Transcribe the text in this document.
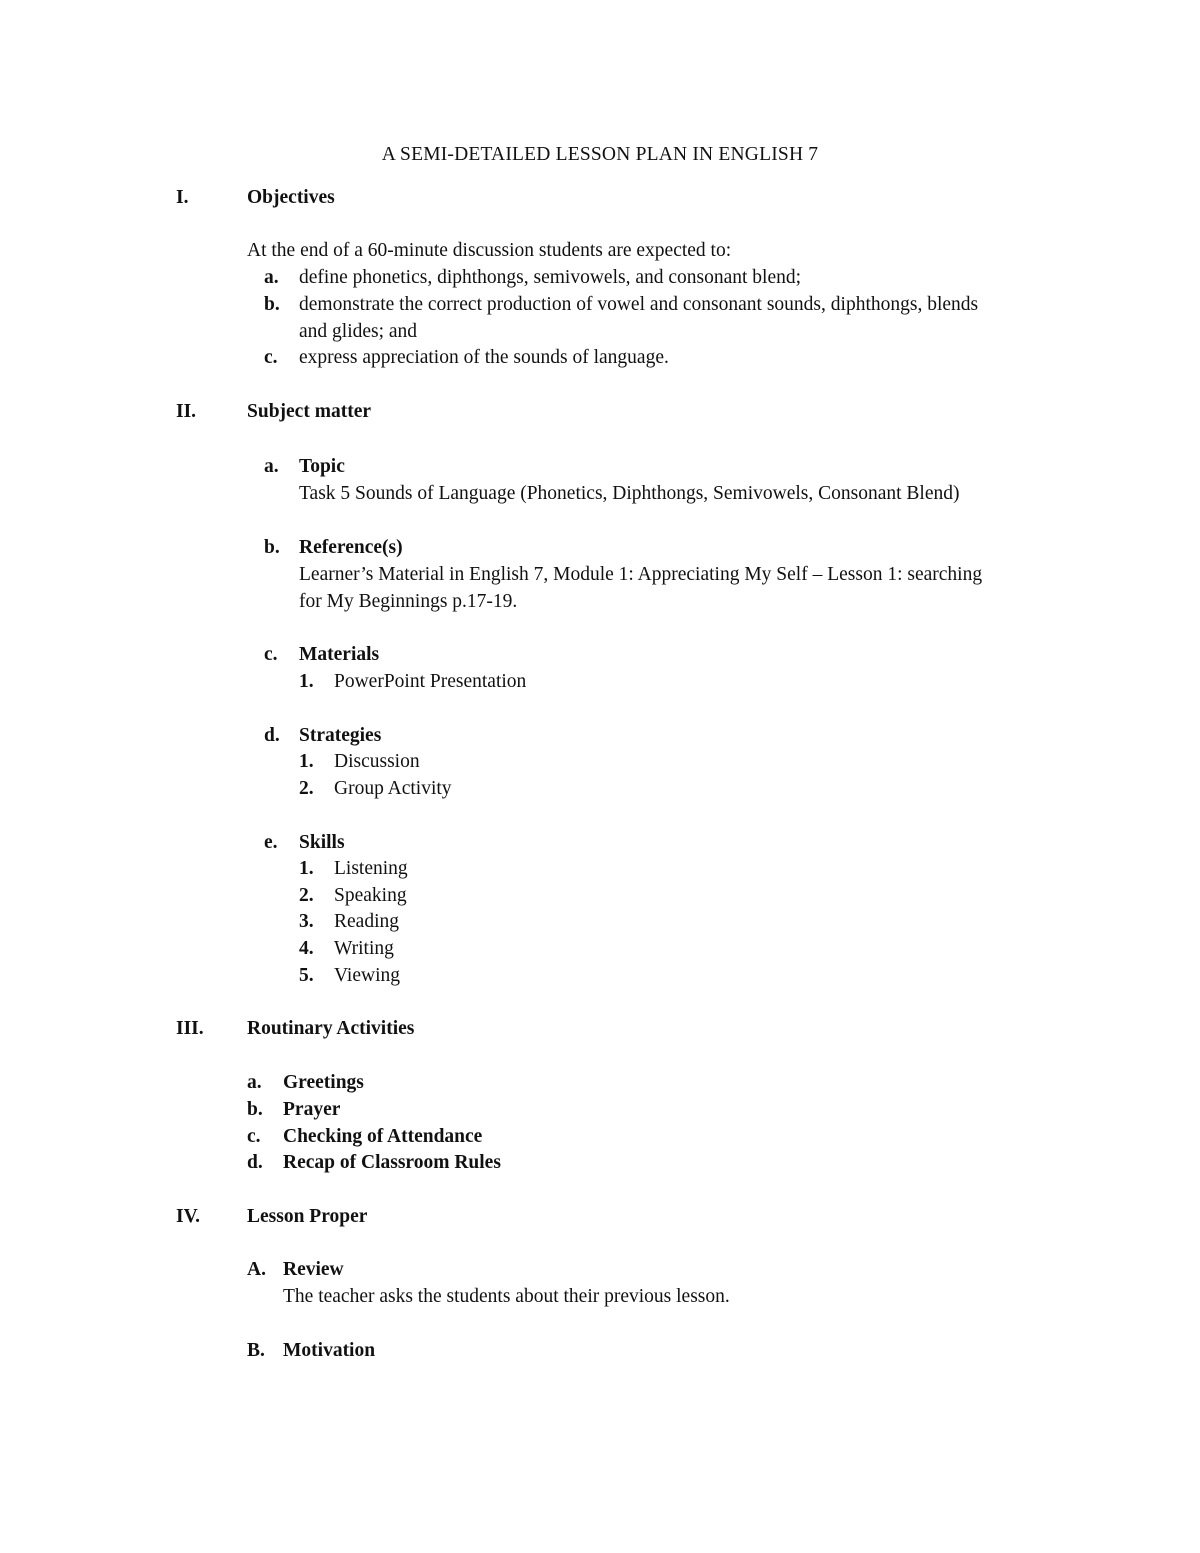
A SEMI-DETAILED LESSON PLAN IN ENGLISH 7
I.	Objectives
At the end of a 60-minute discussion students are expected to:
a. define phonetics, diphthongs, semivowels, and consonant blend;
b. demonstrate the correct production of vowel and consonant sounds, diphthongs, blends
and glides; and
c. express appreciation of the sounds of language.
II.	Subject matter
a. Topic
Task 5 Sounds of Language (Phonetics, Diphthongs, Semivowels, Consonant Blend)
b. Reference(s)
Learner’s Material in English 7, Module 1: Appreciating My Self – Lesson 1: searching
for My Beginnings p.17-19.
c. Materials
1. PowerPoint Presentation
d. Strategies
1. Discussion
2. Group Activity
e. Skills
1. Listening
2. Speaking
3. Reading
4. Writing
5. Viewing
III. Routinary Activities
a. Greetings
b. Prayer
c. Checking of Attendance
d. Recap of Classroom Rules
IV. Lesson Proper
A. Review
The teacher asks the students about their previous lesson.
B. Motivation
